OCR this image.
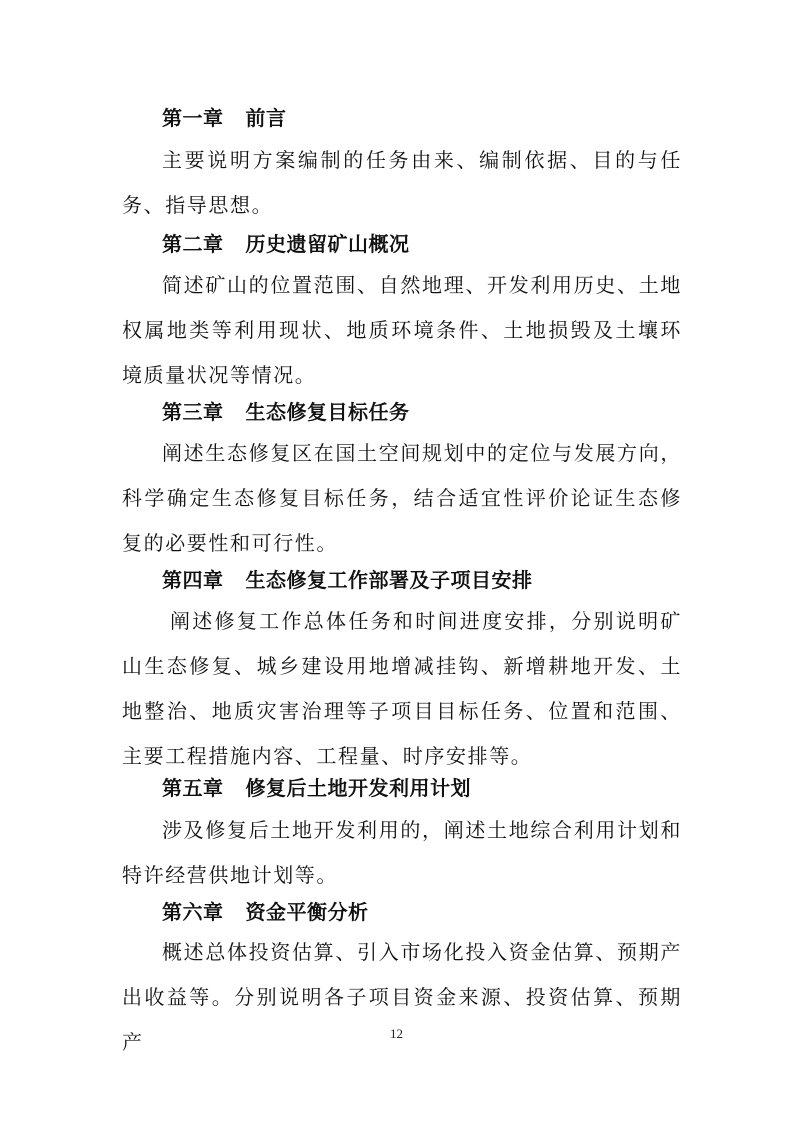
第一章 前言
主要说明方案编制的任务由来、编制依据、目的与任务、指导思想。
第二章 历史遗留矿山概况
简述矿山的位置范围、自然地理、开发利用历史、土地权属地类等利用现状、地质环境条件、土地损毁及土壤环境质量状况等情况。
第三章 生态修复目标任务
阐述生态修复区在国土空间规划中的定位与发展方向，科学确定生态修复目标任务，结合适宜性评价论证生态修复的必要性和可行性。
第四章 生态修复工作部署及子项目安排
阐述修复工作总体任务和时间进度安排，分别说明矿山生态修复、城乡建设用地增减挂钩、新增耕地开发、土地整治、地质灾害治理等子项目目标任务、位置和范围、主要工程措施内容、工程量、时序安排等。
第五章 修复后土地开发利用计划
涉及修复后土地开发利用的，阐述土地综合利用计划和特许经营供地计划等。
第六章 资金平衡分析
概述总体投资估算、引入市场化投入资金估算、预期产出收益等。分别说明各子项目资金来源、投资估算、预期产	12
